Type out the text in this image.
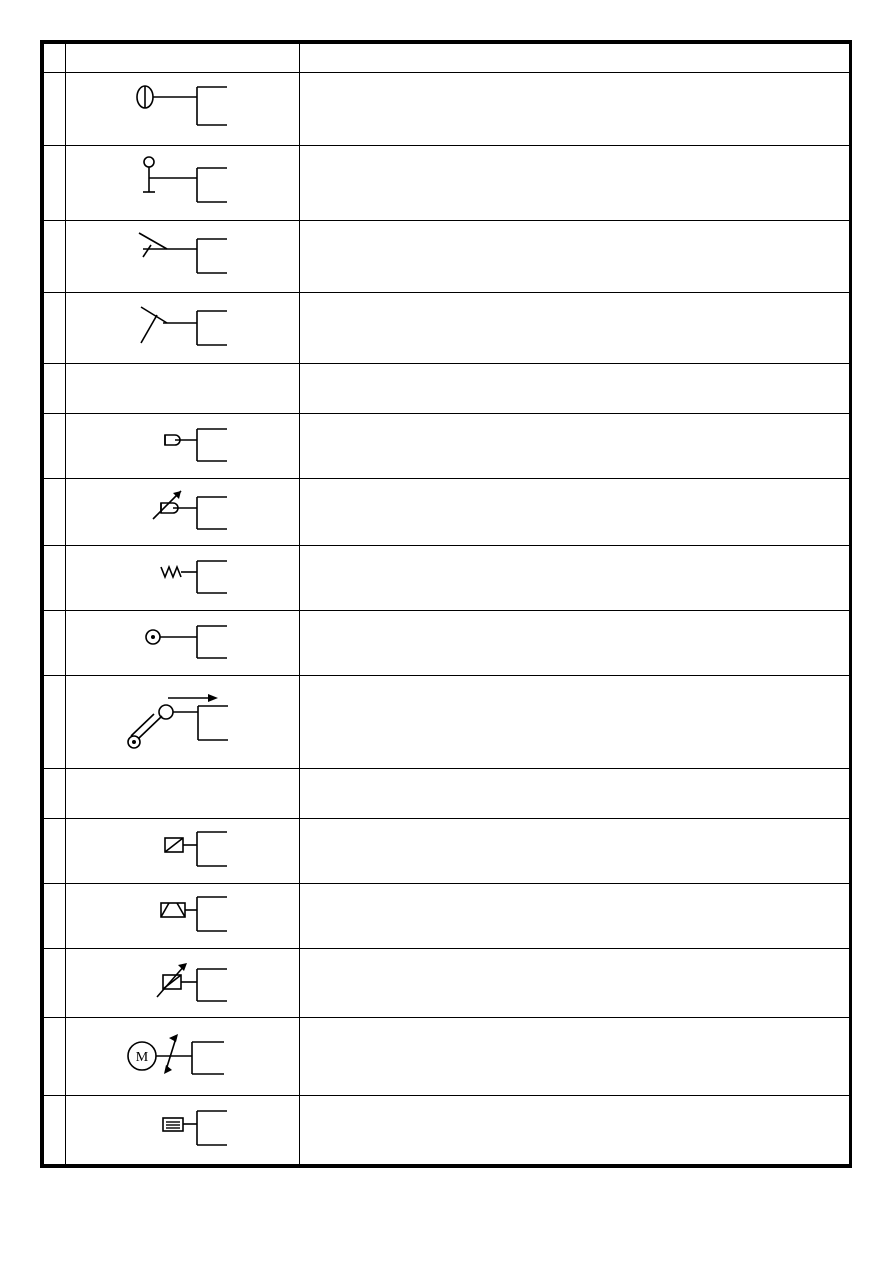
M	
